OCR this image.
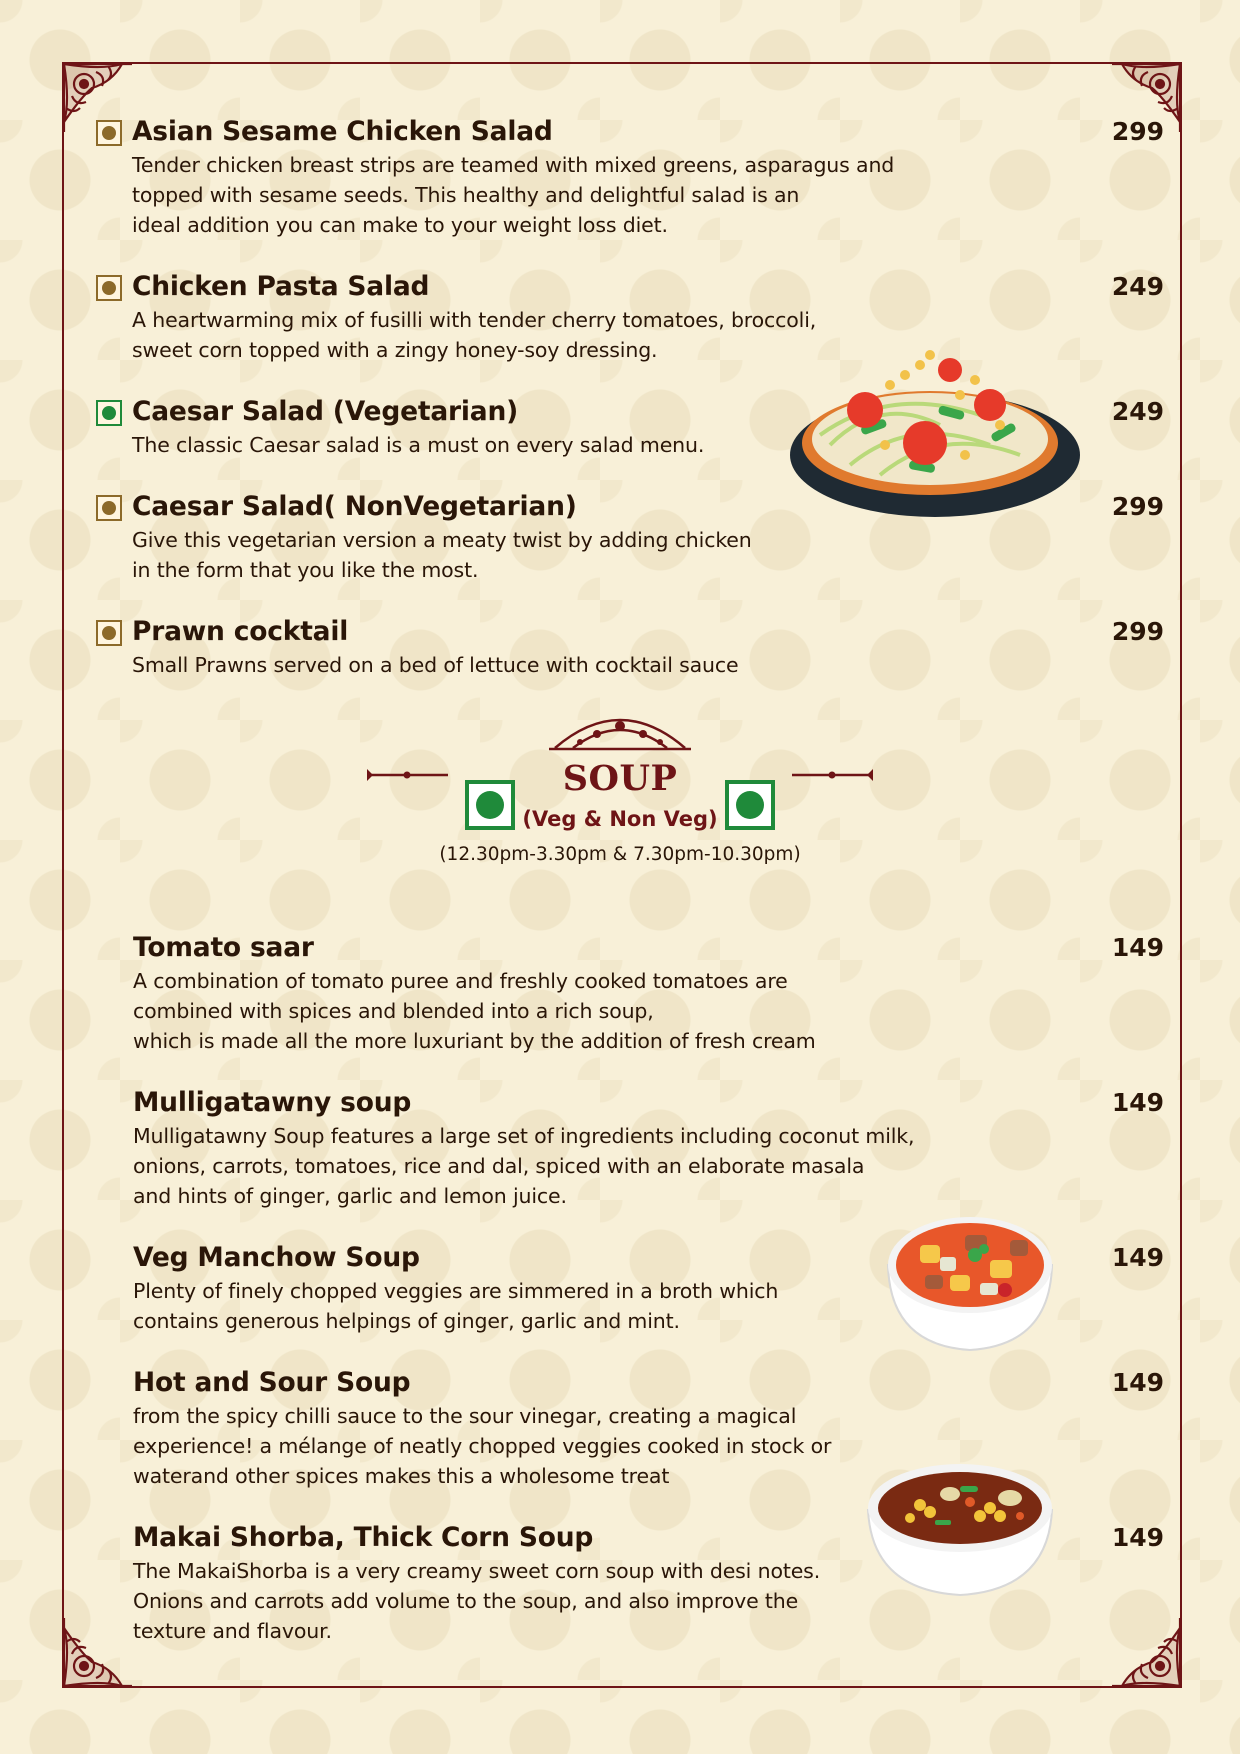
Asian Sesame Chicken Salad	299
Tender chicken breast strips are teamed with mixed greens, asparagus and
topped with sesame seeds. This healthy and delightful salad is an
ideal addition you can make to your weight loss diet.
Chicken Pasta Salad	249
A heartwarming mix of fusilli with tender cherry tomatoes, broccoli,
sweet corn topped with a zingy honey-soy dressing.
Caesar Salad (Vegetarian)	249
The classic Caesar salad is a must on every salad menu.
Caesar Salad( NonVegetarian)	299
Give this vegetarian version a meaty twist by adding chicken
in the form that you like the most.
Prawn cocktail	299
Small Prawns served on a bed of lettuce with cocktail sauce
SOUP
(Veg & Non Veg)
(12.30pm-3.30pm & 7.30pm-10.30pm)
Tomato saar	149
A combination of tomato puree and freshly cooked tomatoes are
combined with spices and blended into a rich soup,
which is made all the more luxuriant by the addition of fresh cream
Mulligatawny soup	149
Mulligatawny Soup features a large set of ingredients including coconut milk,
onions, carrots, tomatoes, rice and dal, spiced with an elaborate masala
and hints of ginger, garlic and lemon juice.
Veg Manchow Soup	149
Plenty of finely chopped veggies are simmered in a broth which
contains generous helpings of ginger, garlic and mint.
Hot and Sour Soup	149
from the spicy chilli sauce to the sour vinegar, creating a magical
experience! a mélange of neatly chopped veggies cooked in stock or
waterand other spices makes this a wholesome treat
Makai Shorba, Thick Corn Soup	149
The MakaiShorba is a very creamy sweet corn soup with desi notes.
Onions and carrots add volume to the soup, and also improve the
texture and flavour.
